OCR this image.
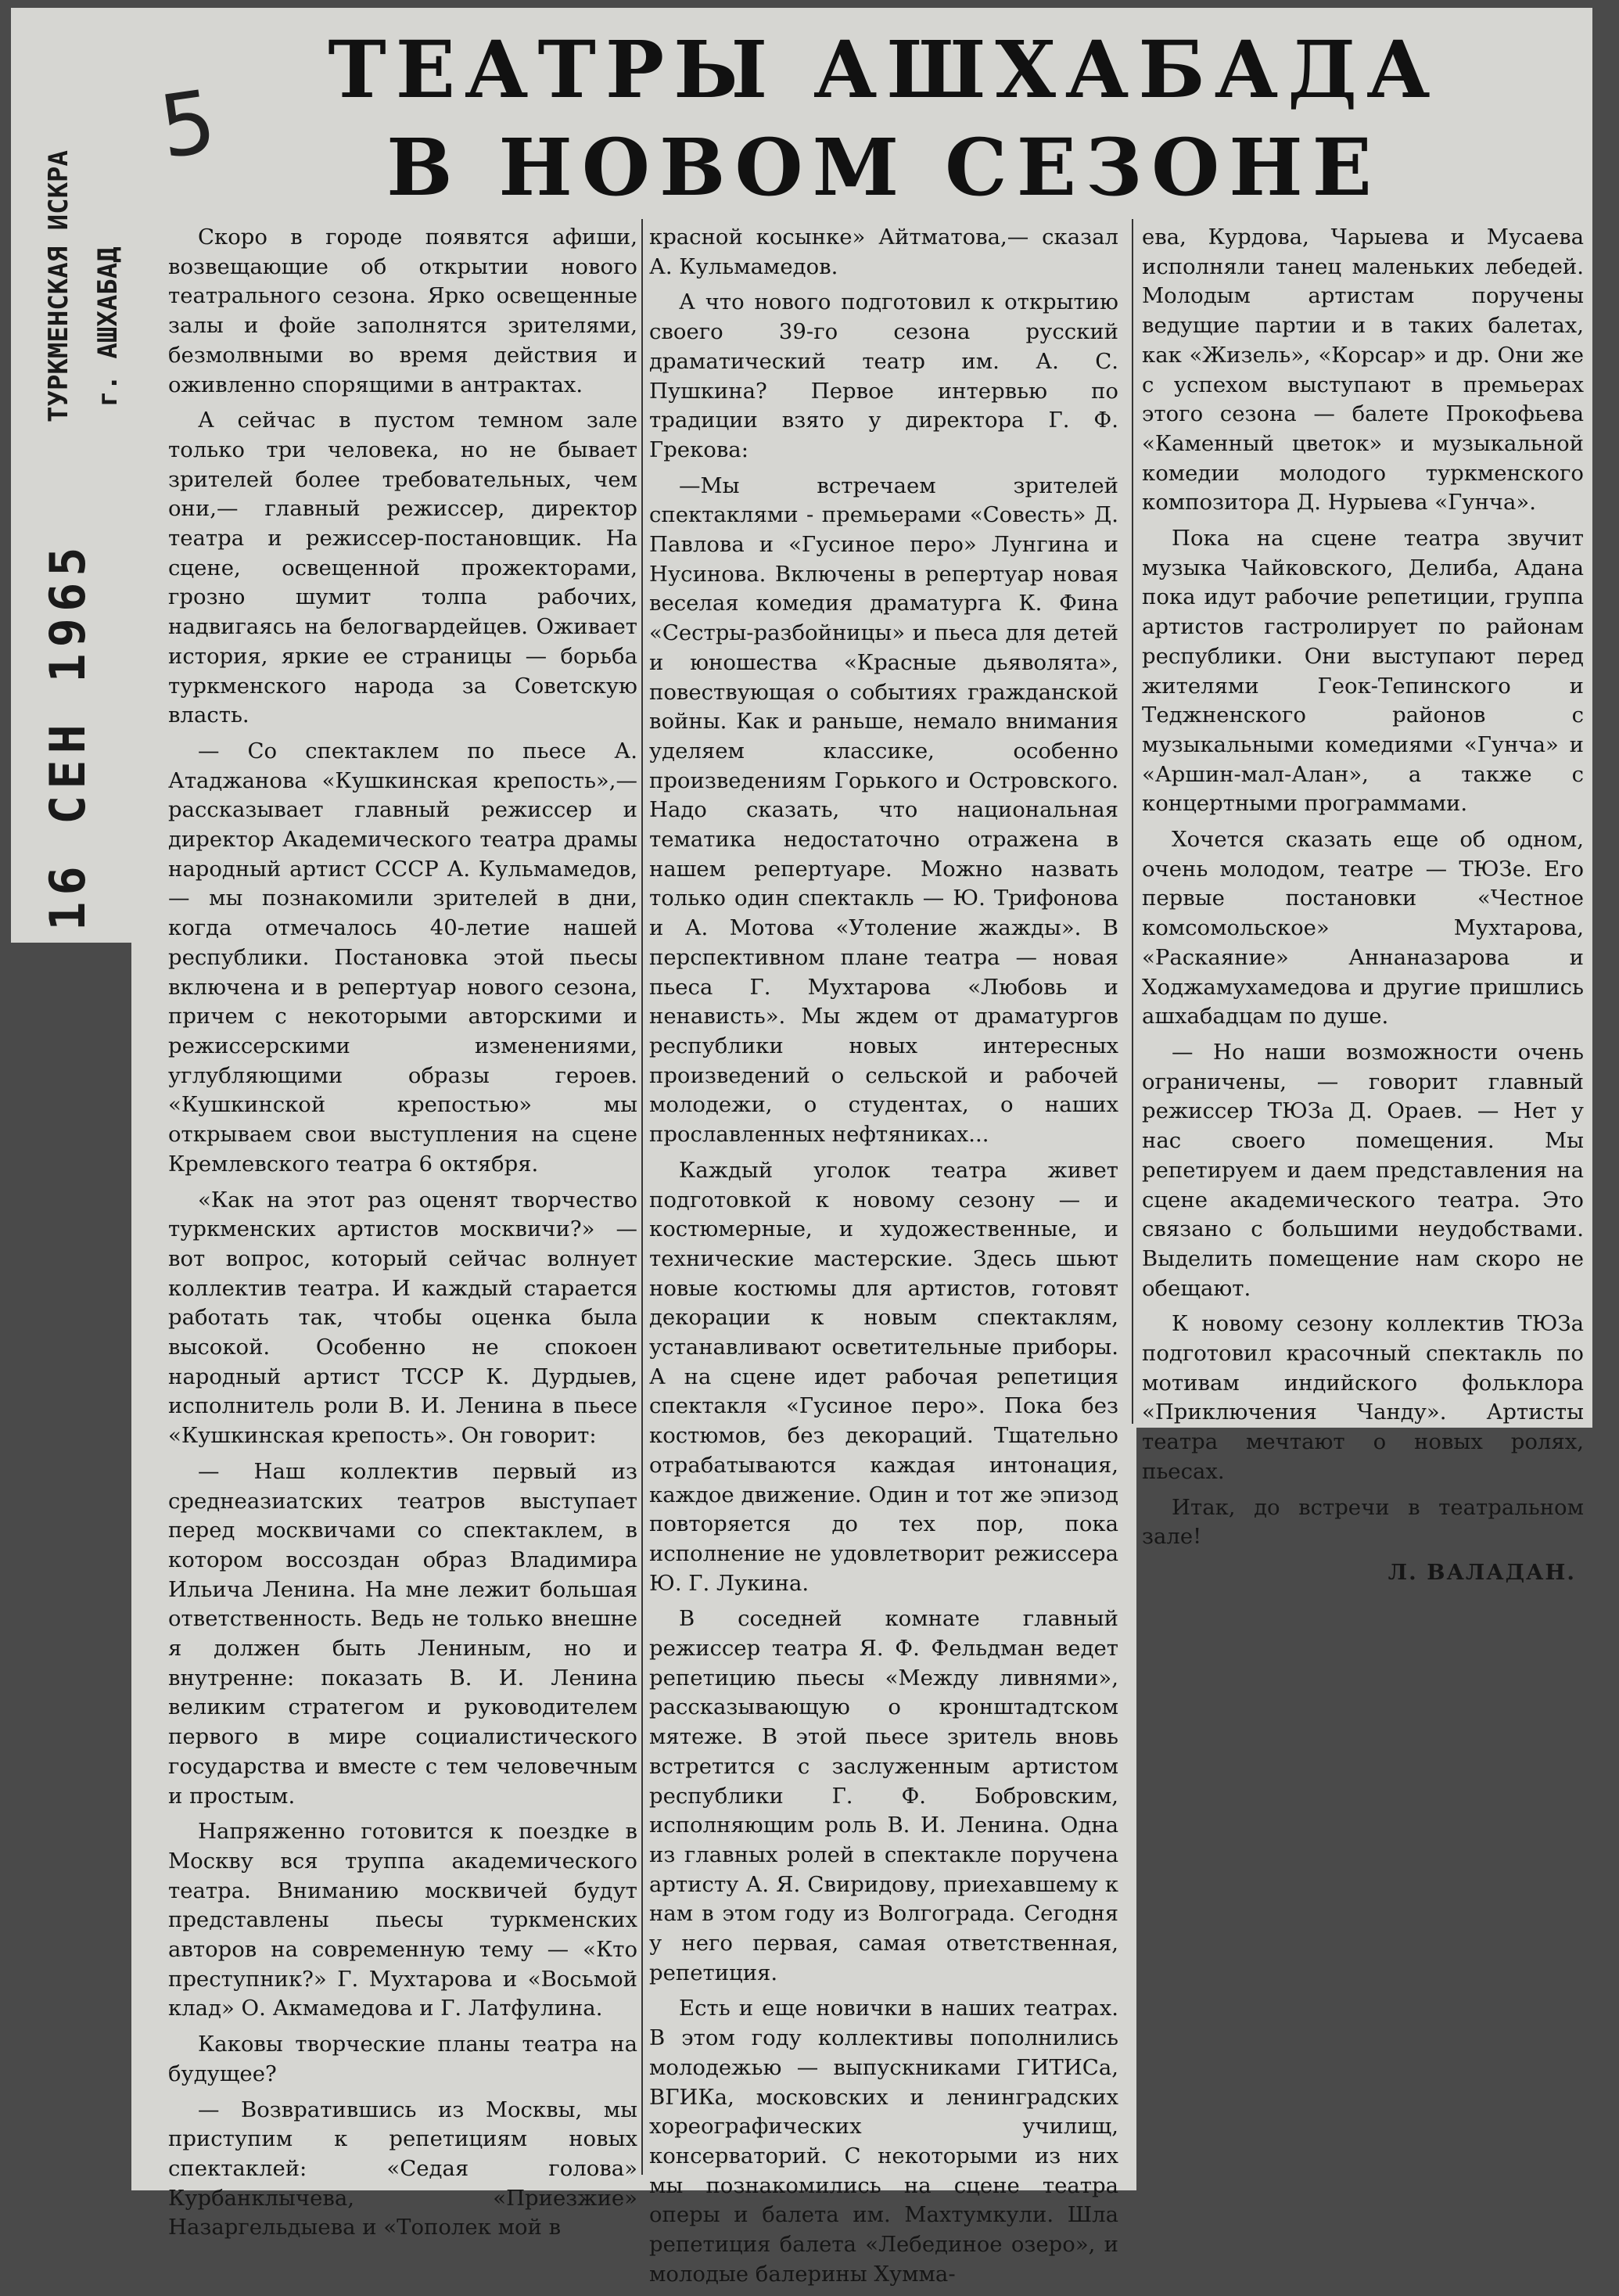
ТЕАТРЫ АШХАБАДА
В НОВОМ СЕЗОНЕ
5
ТУРКМЕНСКАЯ ИСКРА г. АШХАБАД
16 СЕН 1965

Скоро в городе появятся афиши, возвещающие об открытии нового театрального сезона. Ярко освещенные залы и фойе заполнятся зрителями, безмолвными во время действия и оживленно спорящими в антрактах.

А сейчас в пустом темном зале только три человека, но не бывает зрителей более требовательных, чем они,— главный режиссер, директор театра и режиссер-постановщик. На сцене, освещенной прожекторами, грозно шумит толпа рабочих, надвигаясь на белогвардейцев. Оживает история, яркие ее страницы — борьба туркменского народа за Советскую власть.

— Со спектаклем по пьесе А. Атаджанова «Кушкинская крепость»,— рассказывает главный режиссер и директор Академического театра драмы народный артист СССР А. Кульмамедов,— мы познакомили зрителей в дни, когда отмечалось 40-летие нашей республики. Постановка этой пьесы включена и в репертуар нового сезона, причем с некоторыми авторскими и режиссерскими изменениями, углубляющими образы героев. «Кушкинской крепостью» мы открываем свои выступления на сцене Кремлевского театра 6 октября.

«Как на этот раз оценят творчество туркменских артистов москвичи?» — вот вопрос, который сейчас волнует коллектив театра. И каждый старается работать так, чтобы оценка была высокой. Особенно не спокоен народный артист ТССР К. Дурдыев, исполнитель роли В. И. Ленина в пьесе «Кушкинская крепость». Он говорит:

— Наш коллектив первый из среднеазиатских театров выступает перед москвичами со спектаклем, в котором воссоздан образ Владимира Ильича Ленина. На мне лежит большая ответственность. Ведь не только внешне я должен быть Лениным, но и внутренне: показать В. И. Ленина великим стратегом и руководителем первого в мире социалистического государства и вместе с тем человечным и простым.

Напряженно готовится к поездке в Москву вся труппа академического театра. Вниманию москвичей будут представлены пьесы туркменских авторов на современную тему — «Кто преступник?» Г. Мухтарова и «Восьмой клад» О. Акмамедова и Г. Латфулина.

Каковы творческие планы театра на будущее?

— Возвратившись из Москвы, мы приступим к репетициям новых спектаклей: «Седая голова» Курбанклычева, «Приезжие» Назаргельдыева и «Тополек мой в

красной косынке» Айтматова,— сказал А. Кульмамедов.

А что нового подготовил к открытию своего 39-го сезона русский драматический театр им. А. С. Пушкина? Первое интервью по традиции взято у директора Г. Ф. Грекова:

—Мы встречаем зрителей спектаклями - премьерами «Совесть» Д. Павлова и «Гусиное перо» Лунгина и Нусинова. Включены в репертуар новая веселая комедия драматурга К. Фина «Сестры-разбойницы» и пьеса для детей и юношества «Красные дьяволята», повествующая о событиях гражданской войны. Как и раньше, немало внимания уделяем классике, особенно произведениям Горького и Островского. Надо сказать, что национальная тематика недостаточно отражена в нашем репертуаре. Можно назвать только один спектакль — Ю. Трифонова и А. Мотова «Утоление жажды». В перспективном плане театра — новая пьеса Г. Мухтарова «Любовь и ненависть». Мы ждем от драматургов республики новых интересных произведений о сельской и рабочей молодежи, о студентах, о наших прославленных нефтяниках...

Каждый уголок театра живет подготовкой к новому сезону — и костюмерные, и художественные, и технические мастерские. Здесь шьют новые костюмы для артистов, готовят декорации к новым спектаклям, устанавливают осветительные приборы. А на сцене идет рабочая репетиция спектакля «Гусиное перо». Пока без костюмов, без декораций. Тщательно отрабатываются каждая интонация, каждое движение. Один и тот же эпизод повторяется до тех пор, пока исполнение не удовлетворит режиссера Ю. Г. Лукина.

В соседней комнате главный режиссер театра Я. Ф. Фельдман ведет репетицию пьесы «Между ливнями», рассказывающую о кронштадтском мятеже. В этой пьесе зритель вновь встретится с заслуженным артистом республики Г. Ф. Бобровским, исполняющим роль В. И. Ленина. Одна из главных ролей в спектакле поручена артисту А. Я. Свиридову, приехавшему к нам в этом году из Волгограда. Сегодня у него первая, самая ответственная, репетиция.

Есть и еще новички в наших театрах. В этом году коллективы пополнились молодежью — выпускниками ГИТИСа, ВГИКа, московских и ленинградских хореографических училищ, консерваторий. С некоторыми из них мы познакомились на сцене театра оперы и балета им. Махтумкули. Шла репетиция балета «Лебединое озеро», и молодые балерины Хумма-

ева, Курдова, Чарыева и Мусаева исполняли танец маленьких лебедей. Молодым артистам поручены ведущие партии и в таких балетах, как «Жизель», «Корсар» и др. Они же с успехом выступают в премьерах этого сезона — балете Прокофьева «Каменный цветок» и музыкальной комедии молодого туркменского композитора Д. Нурыева «Гунча».

Пока на сцене театра звучит музыка Чайковского, Делиба, Адана пока идут рабочие репетиции, группа артистов гастролирует по районам республики. Они выступают перед жителями Геок-Тепинского и Теджненского районов с музыкальными комедиями «Гунча» и «Аршин-мал-Алан», а также с концертными программами.

Хочется сказать еще об одном, очень молодом, театре — ТЮЗе. Его первые постановки «Честное комсомольское» Мухтарова, «Раскаяние» Аннаназарова и Ходжамухамедова и другие пришлись ашхабадцам по душе.

— Но наши возможности очень ограничены, — говорит главный режиссер ТЮЗа Д. Ораев. — Нет у нас своего помещения. Мы репетируем и даем представления на сцене академического театра. Это связано с большими неудобствами. Выделить помещение нам скоро не обещают.

К новому сезону коллектив ТЮЗа подготовил красочный спектакль по мотивам индийского фольклора «Приключения Чанду». Артисты театра мечтают о новых ролях, пьесах.

Итак, до встречи в театральном зале!

Л. ВАЛАДАН.
